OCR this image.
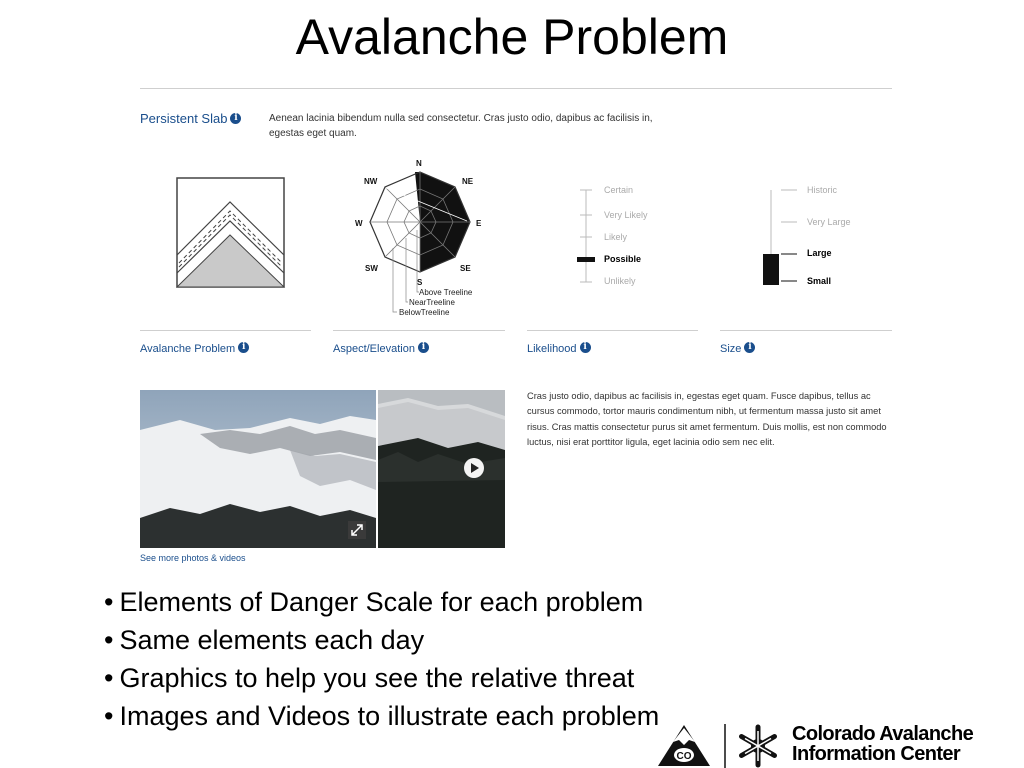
Avalanche Problem
Persistent Slab i	Aenean lacinia bibendum nulla sed consectetur. Cras justo odio, dapibus ac facilisis in, egestas eget quam.
N
NE
E
SE
S
SW
W
NW
Above Treeline
NearTreeline
BelowTreeline
Certain
Very Likely
Likely
Possible
Unlikely
Historic
Very Large
Large
Small
Avalanche Problem i	Aspect/Elevation i	Likelihood i	Size i
See more photos & videos
Cras justo odio, dapibus ac facilisis in, egestas eget quam. Fusce dapibus, tellus ac cursus commodo, tortor mauris condimentum nibh, ut fermentum massa justo sit amet risus. Cras mattis consectetur purus sit amet fermentum. Duis mollis, est non commodo luctus, nisi erat porttitor ligula, eget lacinia odio sem nec elit.
• Elements of Danger Scale for each problem
• Same elements each day
• Graphics to help you see the relative threat
• Images and Videos to illustrate each problem
CO
Colorado Avalanche
Information Center
